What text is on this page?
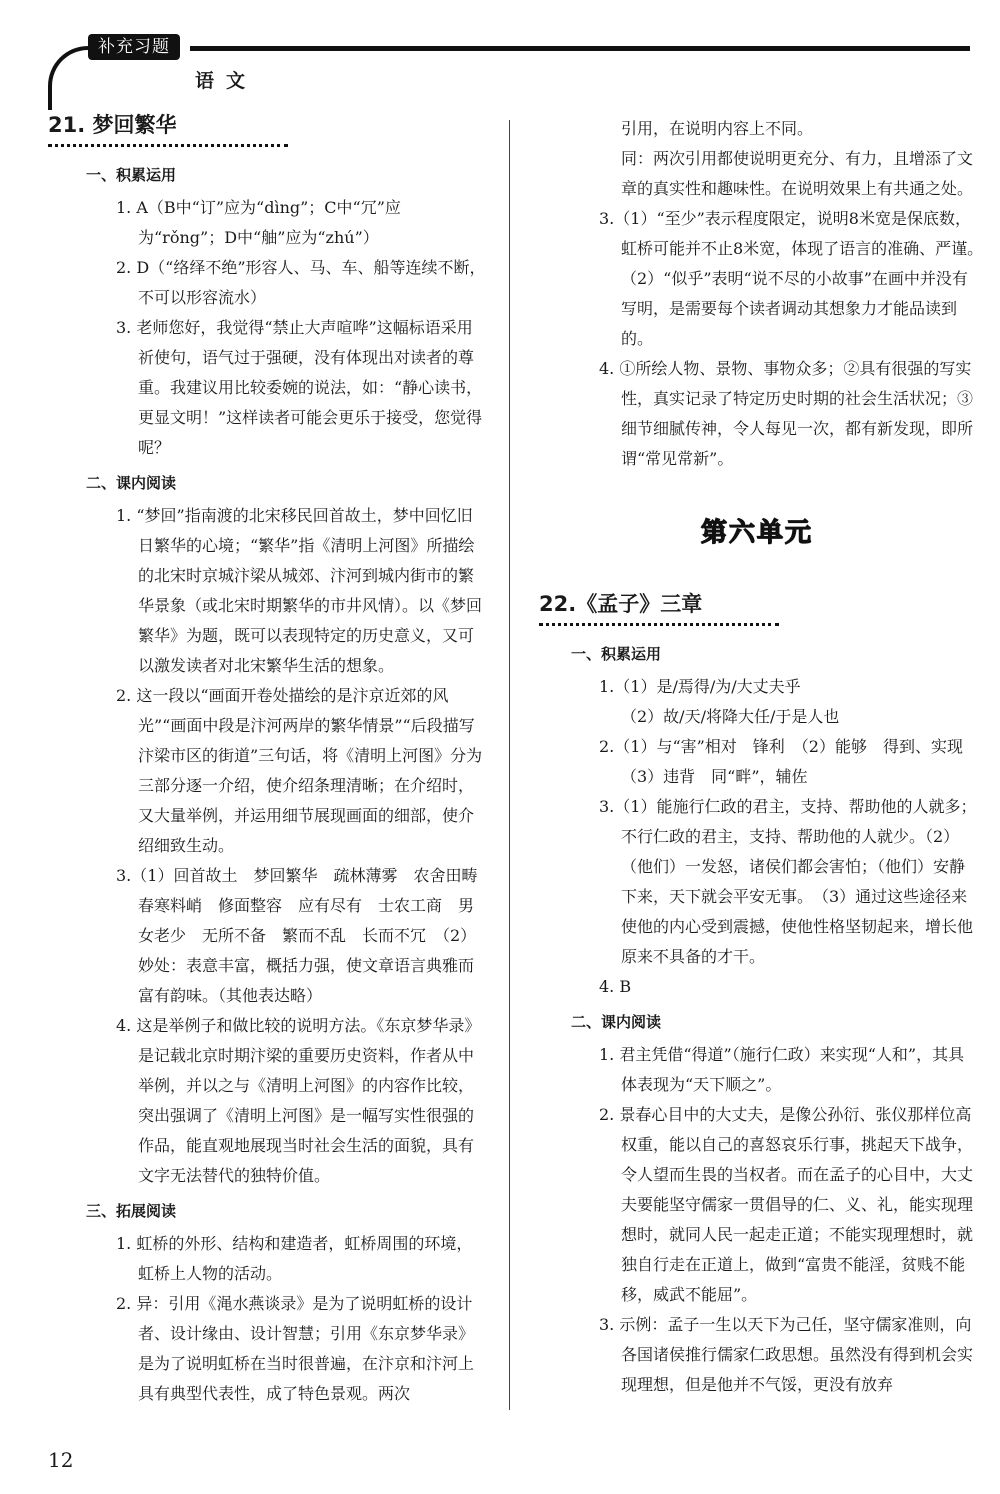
补充习题
语文
21. 梦回繁华
一、积累运用
1. A（B中“订”应为“dìng”；C中“冗”应为“rǒng”；D中“舳”应为“zhú”）
2. D（“络绎不绝”形容人、马、车、船等连续不断，不可以形容流水）
3. 老师您好，我觉得“禁止大声喧哗”这幅标语采用祈使句，语气过于强硬，没有体现出对读者的尊重。我建议用比较委婉的说法，如：“静心读书，更显文明！”这样读者可能会更乐于接受，您觉得呢？
二、课内阅读
1. “梦回”指南渡的北宋移民回首故土，梦中回忆旧日繁华的心境；“繁华”指《清明上河图》所描绘的北宋时京城汴梁从城郊、汴河到城内街市的繁华景象（或北宋时期繁华的市井风情）。以《梦回繁华》为题，既可以表现特定的历史意义，又可以激发读者对北宋繁华生活的想象。
2. 这一段以“画面开卷处描绘的是汴京近郊的风光”“画面中段是汴河两岸的繁华情景”“后段描写汴梁市区的街道”三句话，将《清明上河图》分为三部分逐一介绍，使介绍条理清晰；在介绍时，又大量举例，并运用细节展现画面的细部，使介绍细致生动。
3.（1）回首故土　梦回繁华　疏林薄雾　农舍田畴　春寒料峭　修面整容　应有尽有　士农工商　男女老少　无所不备　繁而不乱　长而不冗　（2）妙处：表意丰富，概括力强，使文章语言典雅而富有韵味。（其他表达略）
4. 这是举例子和做比较的说明方法。《东京梦华录》是记载北京时期汴梁的重要历史资料，作者从中举例，并以之与《清明上河图》的内容作比较，突出强调了《清明上河图》是一幅写实性很强的作品，能直观地展现当时社会生活的面貌，具有文字无法替代的独特价值。
三、拓展阅读
1. 虹桥的外形、结构和建造者，虹桥周围的环境，虹桥上人物的活动。
2. 异：引用《渑水燕谈录》是为了说明虹桥的设计者、设计缘由、设计智慧；引用《东京梦华录》是为了说明虹桥在当时很普遍，在汴京和汴河上具有典型代表性，成了特色景观。两次
引用，在说明内容上不同。
同：两次引用都使说明更充分、有力，且增添了文章的真实性和趣味性。在说明效果上有共通之处。
3.（1）“至少”表示程度限定，说明8米宽是保底数，虹桥可能并不止8米宽，体现了语言的准确、严谨。　（2）“似乎”表明“说不尽的小故事”在画中并没有写明，是需要每个读者调动其想象力才能品读到的。
4. ①所绘人物、景物、事物众多；②具有很强的写实性，真实记录了特定历史时期的社会生活状况；③细节细腻传神，令人每见一次，都有新发现，即所谓“常见常新”。
第六单元
22.《孟子》三章
一、积累运用
1.（1）是/焉得/为/大丈夫乎
（2）故/天/将降大任/于是人也
2.（1）与“害”相对　锋利　（2）能够　得到、实现　（3）违背　同“畔”，辅佐
3.（1）能施行仁政的君主，支持、帮助他的人就多；不行仁政的君主，支持、帮助他的人就少。（2）（他们）一发怒，诸侯们都会害怕；（他们）安静下来，天下就会平安无事。　（3）通过这些途径来使他的内心受到震撼，使他性格坚韧起来，增长他原来不具备的才干。
4. B
二、课内阅读
1. 君主凭借“得道”（施行仁政）来实现“人和”，其具体表现为“天下顺之”。
2. 景春心目中的大丈夫，是像公孙衍、张仪那样位高权重，能以自己的喜怒哀乐行事，挑起天下战争，令人望而生畏的当权者。而在孟子的心目中，大丈夫要能坚守儒家一贯倡导的仁、义、礼，能实现理想时，就同人民一起走正道；不能实现理想时，就独自行走在正道上，做到“富贵不能淫，贫贱不能移，威武不能屈”。
3. 示例：孟子一生以天下为己任，坚守儒家准则，向各国诸侯推行儒家仁政思想。虽然没有得到机会实现理想，但是他并不气馁，更没有放弃
12
